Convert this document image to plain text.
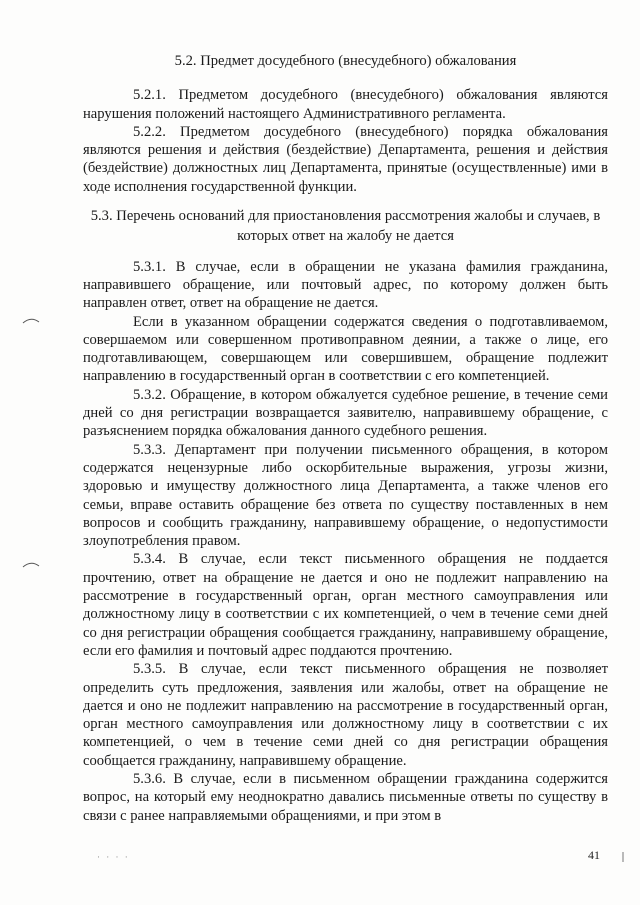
5.2. Предмет досудебного (внесудебного) обжалования

5.2.1. Предметом досудебного (внесудебного) обжалования являются нарушения положений настоящего Административного регламента.

5.2.2. Предметом досудебного (внесудебного) порядка обжалования являются решения и действия (бездействие) Департамента, решения и действия (бездействие) должностных лиц Департамента, принятые (осуществленные) ими в ходе исполнения государственной функции.

5.3. Перечень оснований для приостановления рассмотрения жалобы и случаев, в которых ответ на жалобу не дается

5.3.1. В случае, если в обращении не указана фамилия гражданина, направившего обращение, или почтовый адрес, по которому должен быть направлен ответ, ответ на обращение не дается.

Если в указанном обращении содержатся сведения о подготавливаемом, совершаемом или совершенном противоправном деянии, а также о лице, его подготавливающем, совершающем или совершившем, обращение подлежит направлению в государственный орган в соответствии с его компетенцией.

5.3.2. Обращение, в котором обжалуется судебное решение, в течение семи дней со дня регистрации возвращается заявителю, направившему обращение, с разъяснением порядка обжалования данного судебного решения.

5.3.3. Департамент при получении письменного обращения, в котором содержатся нецензурные либо оскорбительные выражения, угрозы жизни, здоровью и имуществу должностного лица Департамента, а также членов его семьи, вправе оставить обращение без ответа по существу поставленных в нем вопросов и сообщить гражданину, направившему обращение, о недопустимости злоупотребления правом.

5.3.4. В случае, если текст письменного обращения не поддается прочтению, ответ на обращение не дается и оно не подлежит направлению на рассмотрение в государственный орган, орган местного самоуправления или должностному лицу в соответствии с их компетенцией, о чем в течение семи дней со дня регистрации обращения сообщается гражданину, направившему обращение, если его фамилия и почтовый адрес поддаются прочтению.

5.3.5. В случае, если текст письменного обращения не позволяет определить суть предложения, заявления или жалобы, ответ на обращение не дается и оно не подлежит направлению на рассмотрение в государственный орган, орган местного самоуправления или должностному лицу в соответствии с их компетенцией, о чем в течение семи дней со дня регистрации обращения сообщается гражданину, направившему обращение.

5.3.6. В случае, если в письменном обращении гражданина содержится вопрос, на который ему неоднократно давались письменные ответы по существу в связи с ранее направляемыми обращениями, и при этом в

· · · ·	41
